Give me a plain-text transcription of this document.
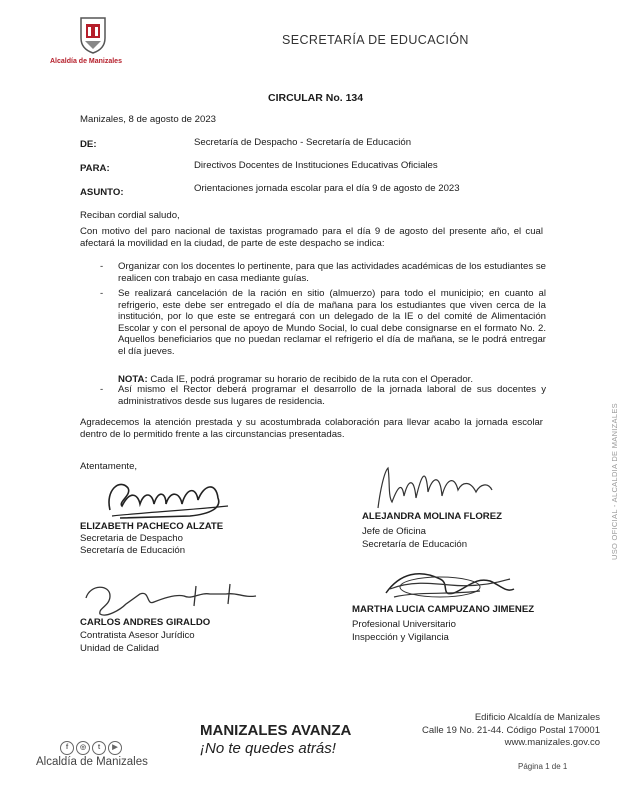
Alcaldía de Manizales
SECRETARÍA DE EDUCACIÓN
CIRCULAR No. 134
Manizales, 8 de agosto de 2023
DE:	Secretaría de Despacho - Secretaría de Educación
PARA:	Directivos Docentes de Instituciones Educativas Oficiales
ASUNTO:	Orientaciones jornada escolar para el día 9 de agosto de 2023
Reciban cordial saludo,
Con motivo del paro nacional de taxistas programado para el día 9 de agosto del presente año, el cual afectará la movilidad en la ciudad, de parte de este despacho se indica:
- Organizar con los docentes lo pertinente, para que las actividades académicas de los estudiantes se realicen con trabajo en casa mediante guías.
- Se realizará cancelación de la ración en sitio (almuerzo) para todo el municipio; en cuanto al refrigerio, este debe ser entregado el día de mañana para los estudiantes que viven cerca de la institución, por lo que este se entregará con un delegado de la IE o del comité de Alimentación Escolar y con el personal de apoyo de Mundo Social, lo cual debe consignarse en el formato No. 2. Aquellos beneficiarios que no puedan reclamar el refrigerio el día de mañana, se le podrá entregar el día jueves.
NOTA: Cada IE, podrá programar su horario de recibido de la ruta con el Operador.
- Así mismo el Rector deberá programar el desarrollo de la jornada laboral de sus docentes y administrativos desde sus lugares de residencia.
Agradecemos la atención prestada y su acostumbrada colaboración para llevar acabo la jornada escolar dentro de lo permitido frente a las circunstancias presentadas.
Atentamente,
ELIZABETH PACHECO ALZATE
Secretaria de Despacho
Secretaría de Educación
ALEJANDRA MOLINA FLOREZ
Jefe de Oficina
Secretaría de Educación
CARLOS ANDRES GIRALDO
Contratista Asesor Jurídico
Unidad de Calidad
MARTHA LUCIA CAMPUZANO JIMENEZ
Profesional Universitario
Inspección y Vigilancia
USO OFICIAL - ALCALDIA DE MANIZALES
f ◎ t ▶
Alcaldía de Manizales
MANIZALES AVANZA
¡No te quedes atrás!
Edificio Alcaldía de Manizales
Calle 19 No. 21-44. Código Postal 170001
www.manizales.gov.co
Página 1 de 1
